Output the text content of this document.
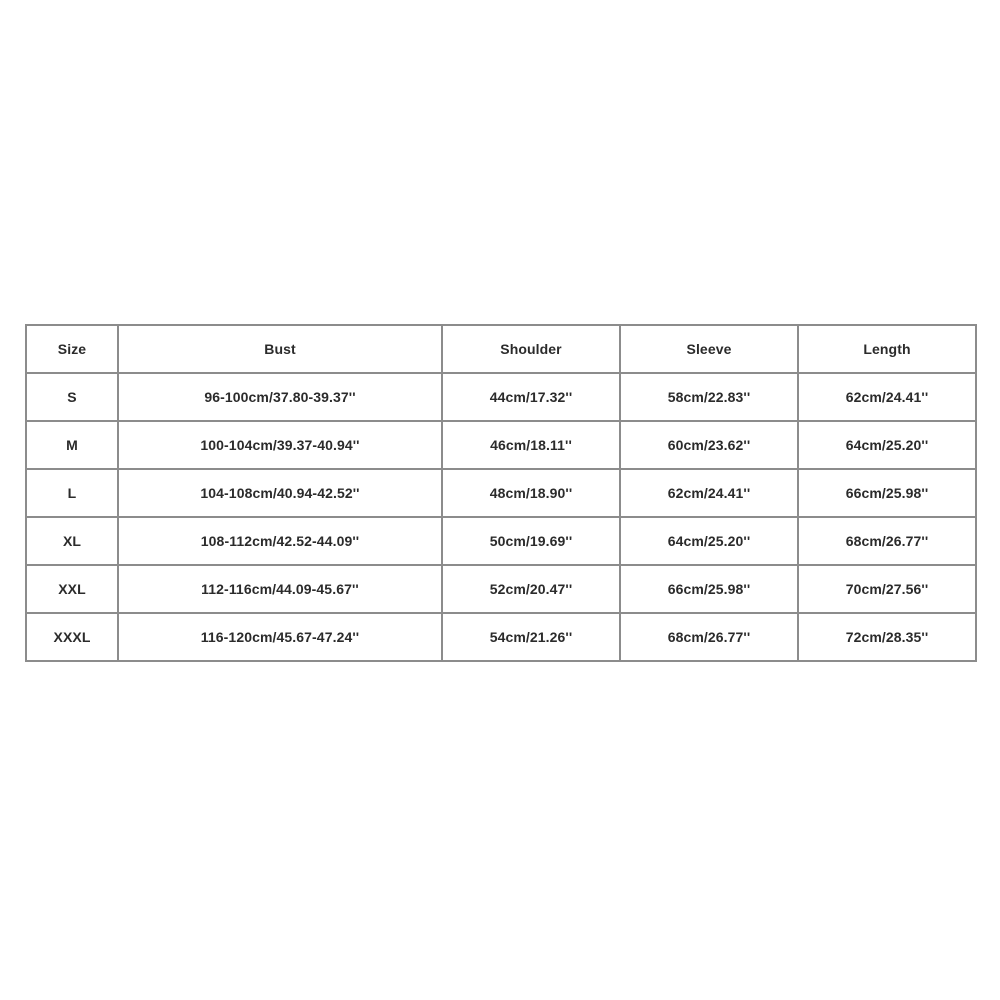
Size	Bust	Shoulder	Sleeve	Length
S	96-100cm/37.80-39.37''	44cm/17.32''	58cm/22.83''	62cm/24.41''
M	100-104cm/39.37-40.94''	46cm/18.11''	60cm/23.62''	64cm/25.20''
L	104-108cm/40.94-42.52''	48cm/18.90''	62cm/24.41''	66cm/25.98''
XL	108-112cm/42.52-44.09''	50cm/19.69''	64cm/25.20''	68cm/26.77''
XXL	112-116cm/44.09-45.67''	52cm/20.47''	66cm/25.98''	70cm/27.56''
XXXL	116-120cm/45.67-47.24''	54cm/21.26''	68cm/26.77''	72cm/28.35''
